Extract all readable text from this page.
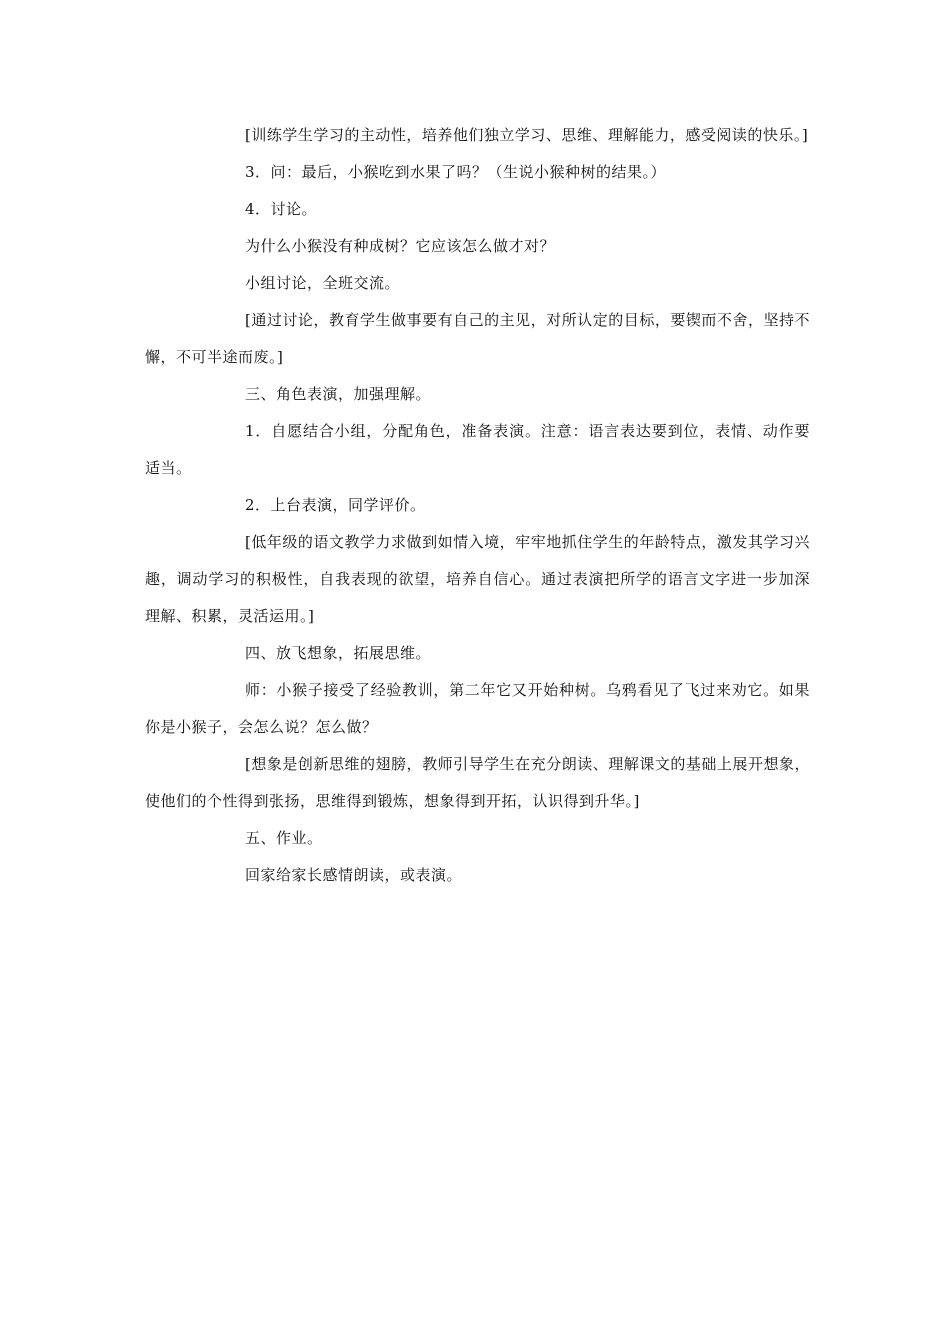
[训练学生学习的主动性，培养他们独立学习、思维、理解能力，感受阅读的快乐。]

3．问：最后，小猴吃到水果了吗？（生说小猴种树的结果。）

4．讨论。

为什么小猴没有种成树？它应该怎么做才对？

小组讨论，全班交流。

[通过讨论，教育学生做事要有自己的主见，对所认定的目标，要锲而不舍，坚持不懈，不可半途而废。]

三、角色表演，加强理解。

1．自愿结合小组，分配角色，准备表演。注意：语言表达要到位，表情、动作要适当。

2．上台表演，同学评价。

[低年级的语文教学力求做到如情入境，牢牢地抓住学生的年龄特点，激发其学习兴趣，调动学习的积极性，自我表现的欲望，培养自信心。通过表演把所学的语言文字进一步加深理解、积累，灵活运用。]

四、放飞想象，拓展思维。

师：小猴子接受了经验教训，第二年它又开始种树。乌鸦看见了飞过来劝它。如果你是小猴子，会怎么说？怎么做？

[想象是创新思维的翅膀，教师引导学生在充分朗读、理解课文的基础上展开想象，使他们的个性得到张扬，思维得到锻炼，想象得到开拓，认识得到升华。]

五、作业。

回家给家长感情朗读，或表演。
